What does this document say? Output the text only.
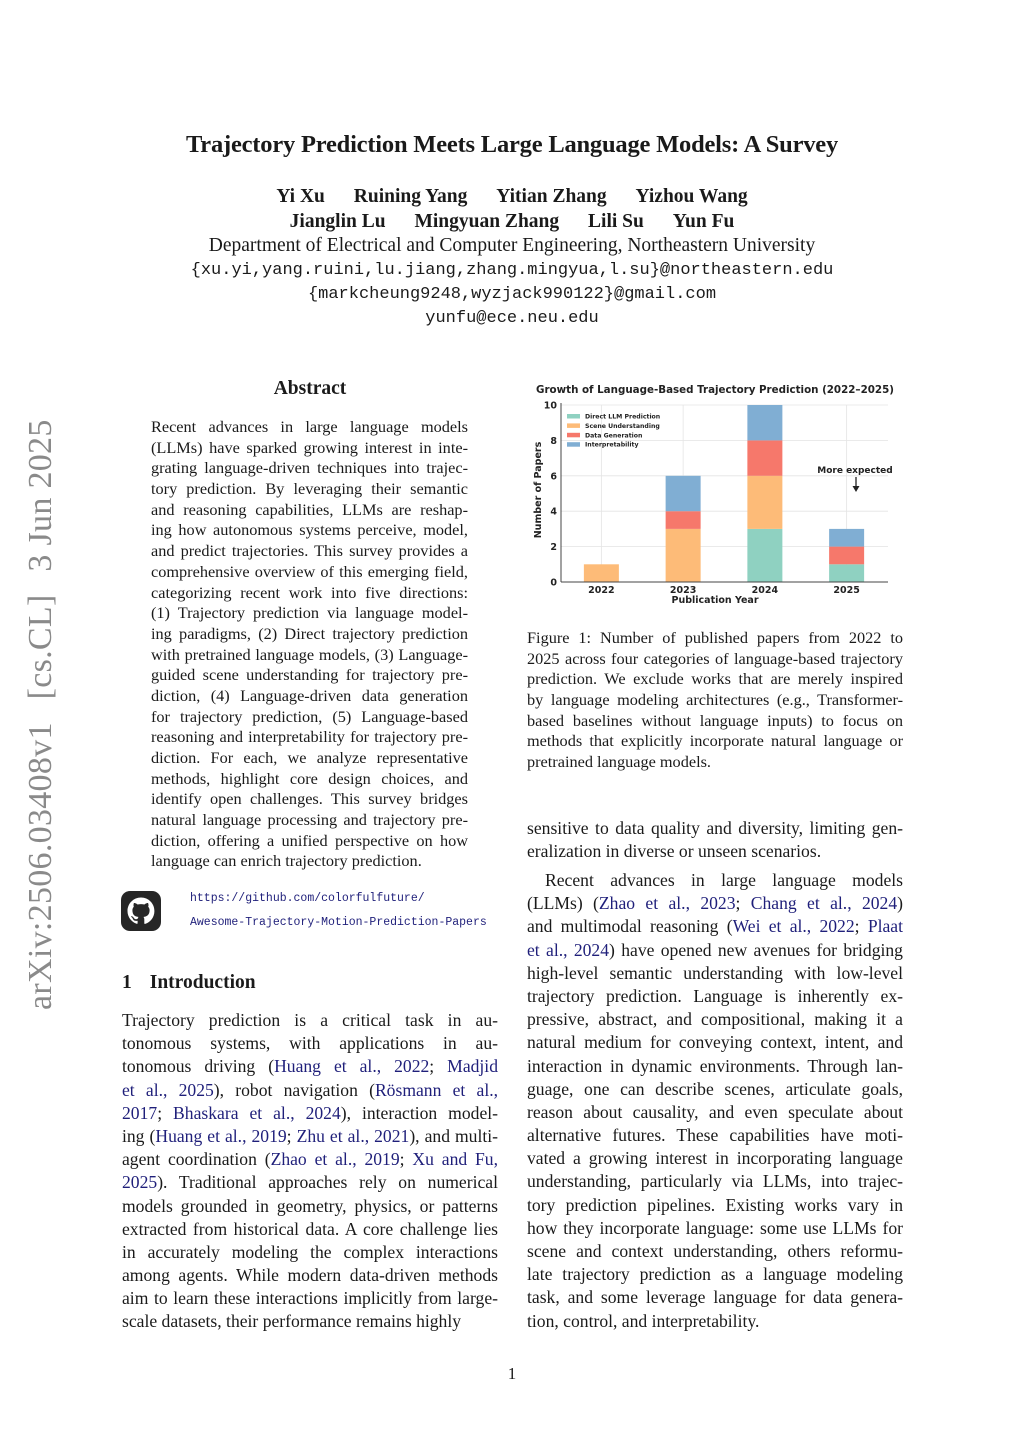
arXiv:2506.03408v1 [cs.CL] 3 Jun 2025
Trajectory Prediction Meets Large Language Models: A Survey
Yi Xu Ruining Yang Yitian Zhang Yizhou Wang
Jianglin Lu Mingyuan Zhang Lili Su Yun Fu
Department of Electrical and Computer Engineering, Northeastern University
{xu.yi,yang.ruini,lu.jiang,zhang.mingyua,l.su}@northeastern.edu
{markcheung9248,wyzjack990122}@gmail.com
yunfu@ece.neu.edu
Abstract
Recent advances in large language models
(LLMs) have sparked growing interest in inte-
grating language-driven techniques into trajec-
tory prediction. By leveraging their semantic
and reasoning capabilities, LLMs are reshap-
ing how autonomous systems perceive, model,
and predict trajectories. This survey provides a
comprehensive overview of this emerging field,
categorizing recent work into five directions:
(1) Trajectory prediction via language model-
ing paradigms, (2) Direct trajectory prediction
with pretrained language models, (3) Language-
guided scene understanding for trajectory pre-
diction, (4) Language-driven data generation
for trajectory prediction, (5) Language-based
reasoning and interpretability for trajectory pre-
diction. For each, we analyze representative
methods, highlight core design choices, and
identify open challenges. This survey bridges
natural language processing and trajectory pre-
diction, offering a unified perspective on how
language can enrich trajectory prediction.
https://github.com/colorfulfuture/
Awesome-Trajectory-Motion-Prediction-Papers
1 Introduction
Trajectory prediction is a critical task in au-
tonomous systems, with applications in au-
tonomous driving (Huang et al., 2022; Madjid
et al., 2025), robot navigation (Rösmann et al.,
2017; Bhaskara et al., 2024), interaction model-
ing (Huang et al., 2019; Zhu et al., 2021), and multi-
agent coordination (Zhao et al., 2019; Xu and Fu,
2025). Traditional approaches rely on numerical
models grounded in geometry, physics, or patterns
extracted from historical data. A core challenge lies
in accurately modeling the complex interactions
among agents. While modern data-driven methods
aim to learn these interactions implicitly from large-
scale datasets, their performance remains highly
Growth of Language-Based Trajectory Prediction (2022–2025)
0
2
4
6
8
10
2022	2023	2024	2025
Direct LLM Prediction
Scene Understanding
Data Generation
Interpretability
Publication Year
Number of Papers	More expected
Figure 1: Number of published papers from 2022 to
2025 across four categories of language-based trajectory
prediction. We exclude works that are merely inspired
by language modeling architectures (e.g., Transformer-
based baselines without language inputs) to focus on
methods that explicitly incorporate natural language or
pretrained language models.
sensitive to data quality and diversity, limiting gen-
eralization in diverse or unseen scenarios.
Recent advances in large language models
(LLMs) (Zhao et al., 2023; Chang et al., 2024)
and multimodal reasoning (Wei et al., 2022; Plaat
et al., 2024) have opened new avenues for bridging
high-level semantic understanding with low-level
trajectory prediction. Language is inherently ex-
pressive, abstract, and compositional, making it a
natural medium for conveying context, intent, and
interaction in dynamic environments. Through lan-
guage, one can describe scenes, articulate goals,
reason about causality, and even speculate about
alternative futures. These capabilities have moti-
vated a growing interest in incorporating language
understanding, particularly via LLMs, into trajec-
tory prediction pipelines. Existing works vary in
how they incorporate language: some use LLMs for
scene and context understanding, others reformu-
late trajectory prediction as a language modeling
task, and some leverage language for data genera-
tion, control, and interpretability.
1
